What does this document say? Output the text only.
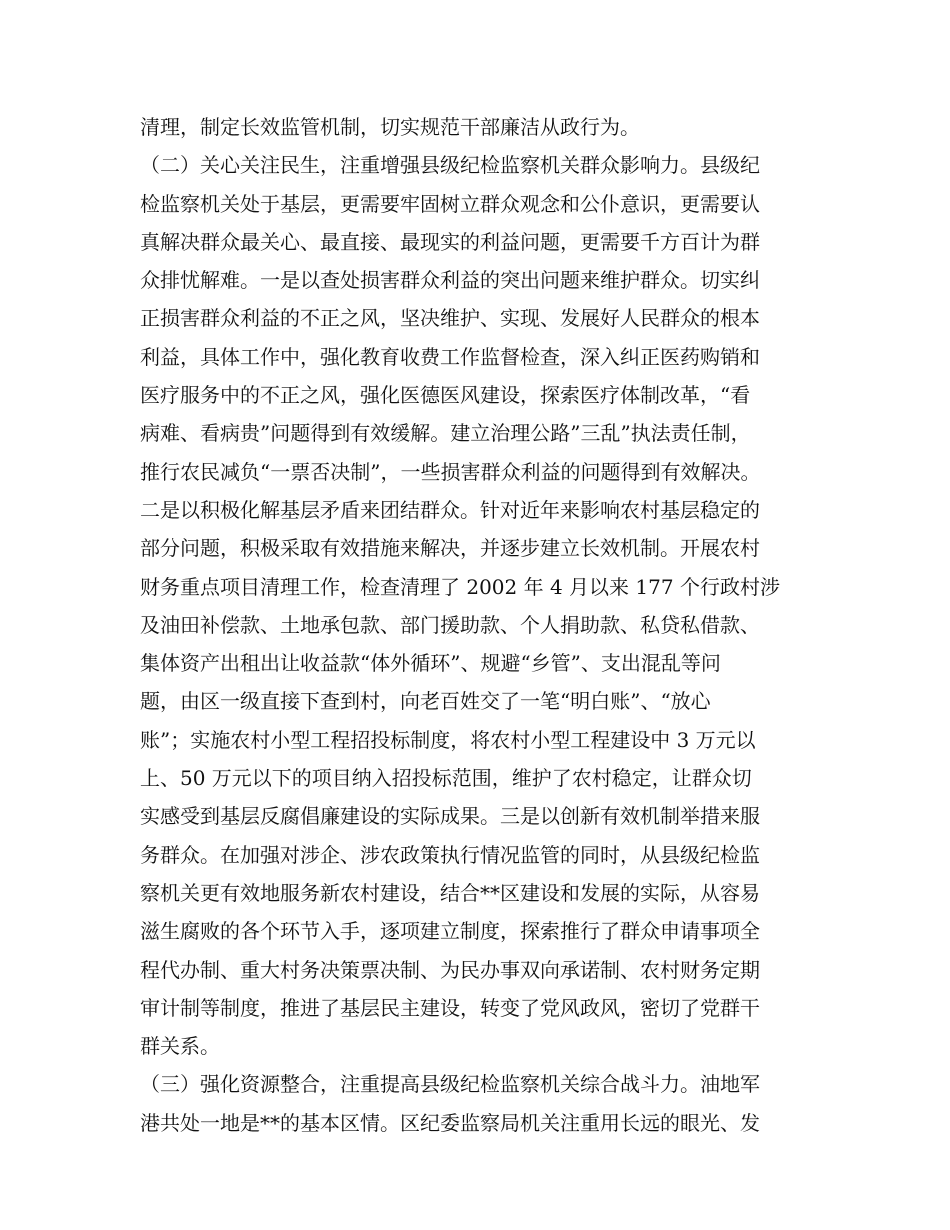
清理，制定长效监管机制，切实规范干部廉洁从政行为。
（二）关心关注民生，注重增强县级纪检监察机关群众影响力。县级纪
检监察机关处于基层，更需要牢固树立群众观念和公仆意识，更需要认
真解决群众最关心、最直接、最现实的利益问题，更需要千方百计为群
众排忧解难。一是以查处损害群众利益的突出问题来维护群众。切实纠
正损害群众利益的不正之风，坚决维护、实现、发展好人民群众的根本
利益，具体工作中，强化教育收费工作监督检查，深入纠正医药购销和
医疗服务中的不正之风，强化医德医风建设，探索医疗体制改革，“看
病难、看病贵”问题得到有效缓解。建立治理公路”三乱”执法责任制，
推行农民减负“一票否决制”，一些损害群众利益的问题得到有效解决。
二是以积极化解基层矛盾来团结群众。针对近年来影响农村基层稳定的
部分问题，积极采取有效措施来解决，并逐步建立长效机制。开展农村
财务重点项目清理工作，检查清理了 2002 年 4 月以来 177 个行政村涉
及油田补偿款、土地承包款、部门援助款、个人捐助款、私贷私借款、
集体资产出租出让收益款“体外循环”、规避“乡管”、支出混乱等问
题，由区一级直接下查到村，向老百姓交了一笔“明白账”、“放心
账”；实施农村小型工程招投标制度，将农村小型工程建设中 3 万元以
上、50 万元以下的项目纳入招投标范围，维护了农村稳定，让群众切
实感受到基层反腐倡廉建设的实际成果。三是以创新有效机制举措来服
务群众。在加强对涉企、涉农政策执行情况监管的同时，从县级纪检监
察机关更有效地服务新农村建设，结合**区建设和发展的实际，从容易
滋生腐败的各个环节入手，逐项建立制度，探索推行了群众申请事项全
程代办制、重大村务决策票决制、为民办事双向承诺制、农村财务定期
审计制等制度，推进了基层民主建设，转变了党风政风，密切了党群干
群关系。
（三）强化资源整合，注重提高县级纪检监察机关综合战斗力。油地军
港共处一地是**的基本区情。区纪委监察局机关注重用长远的眼光、发
